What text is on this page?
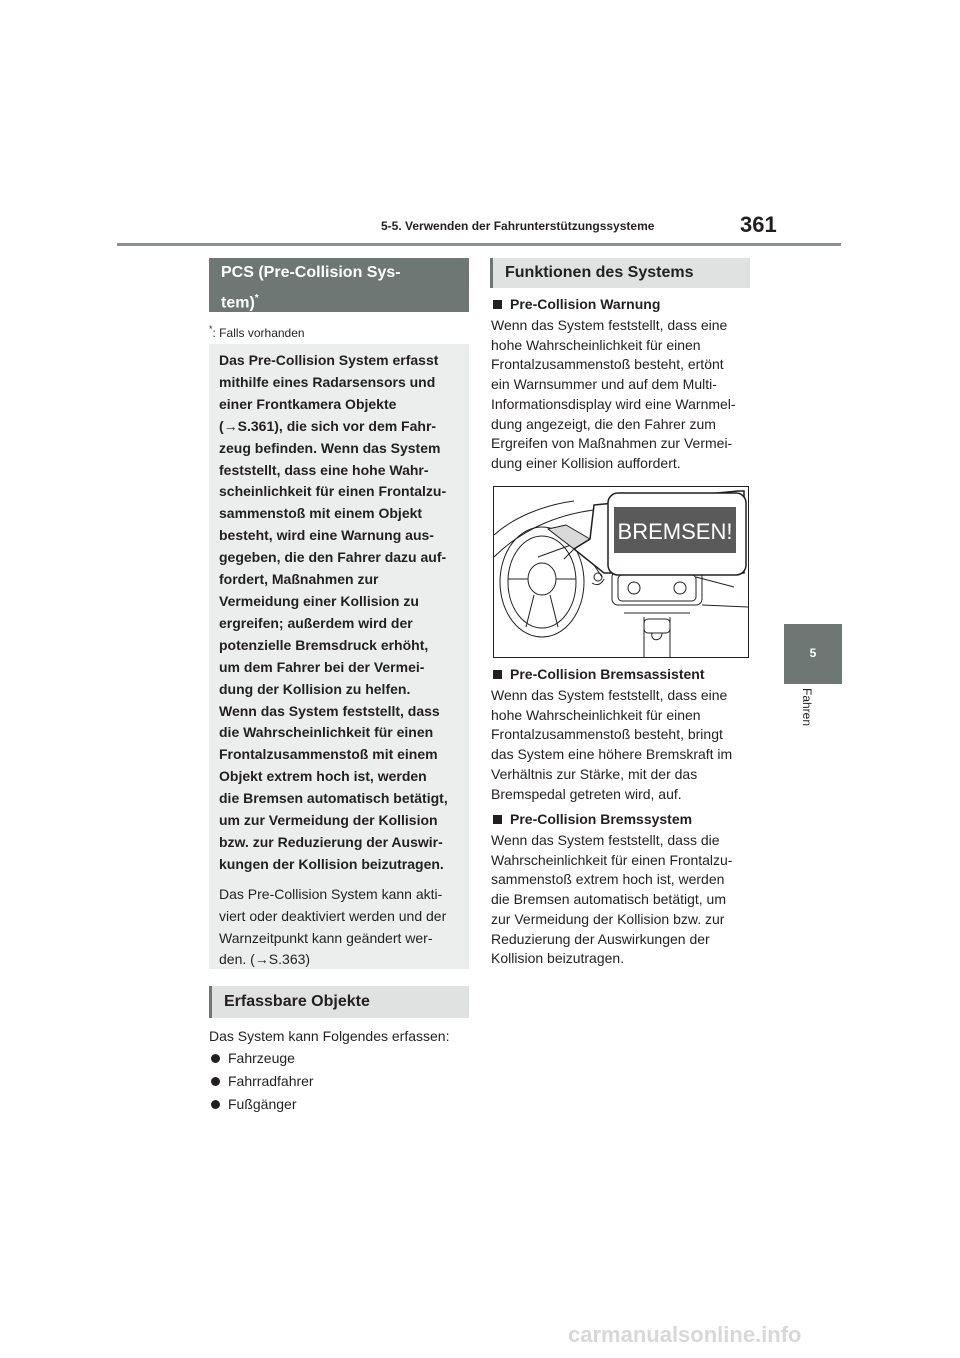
5-5. Verwenden der Fahrunterstützungssysteme	361
5
Fahren
PCS (Pre-Collision Sys-
tem)*
*: Falls vorhanden
Das Pre-Collision System erfasst
mithilfe eines Radarsensors und
einer Frontkamera Objekte
(→S.361), die sich vor dem Fahr-
zeug befinden. Wenn das System
feststellt, dass eine hohe Wahr-
scheinlichkeit für einen Frontalzu-
sammenstoß mit einem Objekt
besteht, wird eine Warnung aus-
gegeben, die den Fahrer dazu auf-
fordert, Maßnahmen zur
Vermeidung einer Kollision zu
ergreifen; außerdem wird der
potenzielle Bremsdruck erhöht,
um dem Fahrer bei der Vermei-
dung der Kollision zu helfen.
Wenn das System feststellt, dass
die Wahrscheinlichkeit für einen
Frontalzusammenstoß mit einem
Objekt extrem hoch ist, werden
die Bremsen automatisch betätigt,
um zur Vermeidung der Kollision
bzw. zur Reduzierung der Auswir-
kungen der Kollision beizutragen.
Das Pre-Collision System kann akti-
viert oder deaktiviert werden und der
Warnzeitpunkt kann geändert wer-
den. (→S.363)
Erfassbare Objekte
Das System kann Folgendes erfassen:
Fahrzeuge
Fahrradfahrer
Fußgänger
Funktionen des Systems
Pre-Collision Warnung
Wenn das System feststellt, dass eine
hohe Wahrscheinlichkeit für einen
Frontalzusammenstoß besteht, ertönt
ein Warnsummer und auf dem Multi-
Informationsdisplay wird eine Warnmel-
dung angezeigt, die den Fahrer zum
Ergreifen von Maßnahmen zur Vermei-
dung einer Kollision auffordert.
BREMSEN!
Pre-Collision Bremsassistent
Wenn das System feststellt, dass eine
hohe Wahrscheinlichkeit für einen
Frontalzusammenstoß besteht, bringt
das System eine höhere Bremskraft im
Verhältnis zur Stärke, mit der das
Bremspedal getreten wird, auf.
Pre-Collision Bremssystem
Wenn das System feststellt, dass die
Wahrscheinlichkeit für einen Frontalzu-
sammenstoß extrem hoch ist, werden
die Bremsen automatisch betätigt, um
zur Vermeidung der Kollision bzw. zur
Reduzierung der Auswirkungen der
Kollision beizutragen.
carmanualsonline.info
